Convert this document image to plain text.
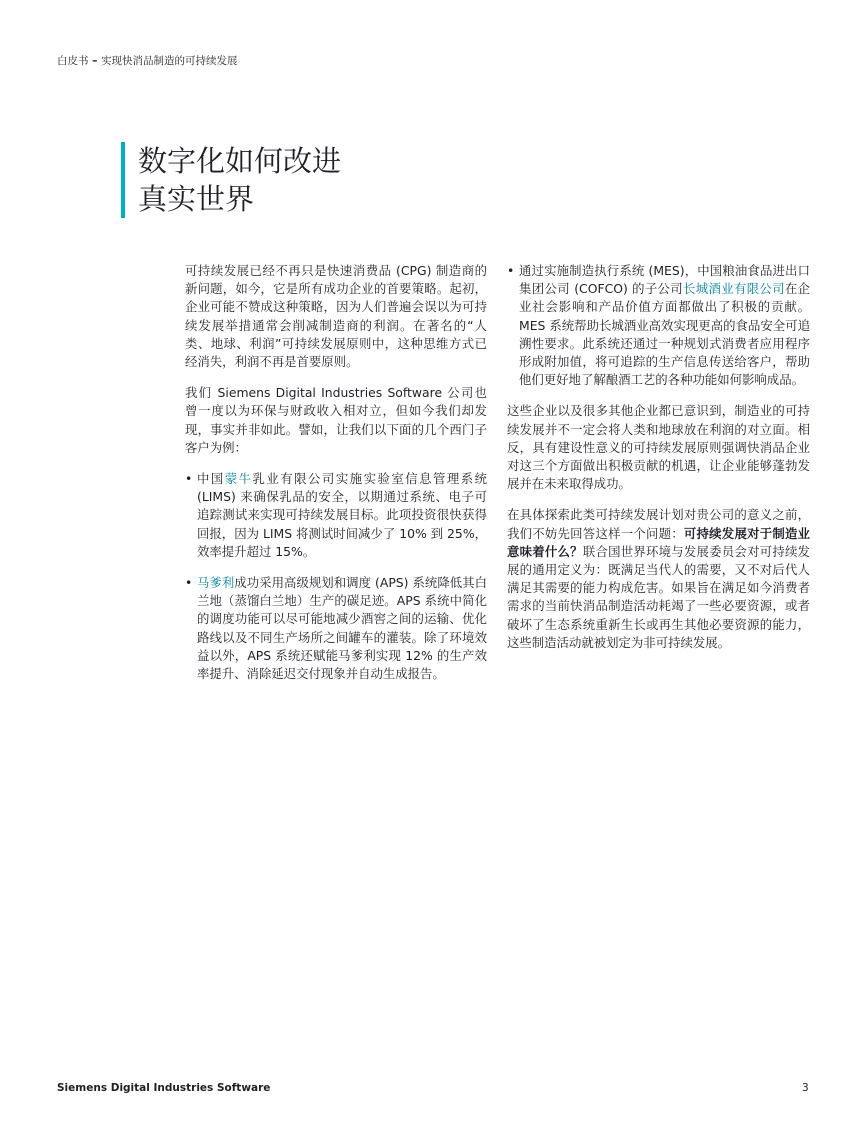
白皮书 – 实现快消品制造的可持续发展
数字化如何改进
真实世界

可持续发展已经不再只是快速消费品 (CPG) 制造商的新问题，如今，它是所有成功企业的首要策略。起初，企业可能不赞成这种策略，因为人们普遍会误以为可持续发展举措通常会削减制造商的利润。在著名的“人类、地球、利润”可持续发展原则中，这种思维方式已经消失，利润不再是首要原则。

我们 Siemens Digital Industries Software 公司也曾一度以为环保与财政收入相对立，但如今我们却发现，事实并非如此。譬如，让我们以下面的几个西门子客户为例：

• 中国蒙牛乳业有限公司实施实验室信息管理系统 (LIMS) 来确保乳品的安全，以期通过系统、电子可追踪测试来实现可持续发展目标。此项投资很快获得回报，因为 LIMS 将测试时间减少了 10% 到 25%，效率提升超过 15%。
• 马爹利成功采用高级规划和调度 (APS) 系统降低其白兰地（蒸馏白兰地）生产的碳足迹。APS 系统中简化的调度功能可以尽可能地减少酒窖之间的运输、优化路线以及不同生产场所之间罐车的灌装。除了环境效益以外，APS 系统还赋能马爹利实现 12% 的生产效率提升、消除延迟交付现象并自动生成报告。
• 通过实施制造执行系统 (MES)，中国粮油食品进出口集团公司 (COFCO) 的子公司长城酒业有限公司在企业社会影响和产品价值方面都做出了积极的贡献。MES 系统帮助长城酒业高效实现更高的食品安全可追溯性要求。此系统还通过一种规划式消费者应用程序形成附加值，将可追踪的生产信息传送给客户，帮助他们更好地了解酿酒工艺的各种功能如何影响成品。

这些企业以及很多其他企业都已意识到，制造业的可持续发展并不一定会将人类和地球放在利润的对立面。相反，具有建设性意义的可持续发展原则强调快消品企业对这三个方面做出积极贡献的机遇，让企业能够蓬勃发展并在未来取得成功。

在具体探索此类可持续发展计划对贵公司的意义之前，我们不妨先回答这样一个问题：可持续发展对于制造业意味着什么？联合国世界环境与发展委员会对可持续发展的通用定义为：既满足当代人的需要，又不对后代人满足其需要的能力构成危害。如果旨在满足如今消费者需求的当前快消品制造活动耗竭了一些必要资源，或者破坏了生态系统重新生长或再生其他必要资源的能力，这些制造活动就被划定为非可持续发展。

Siemens Digital Industries Software	3
